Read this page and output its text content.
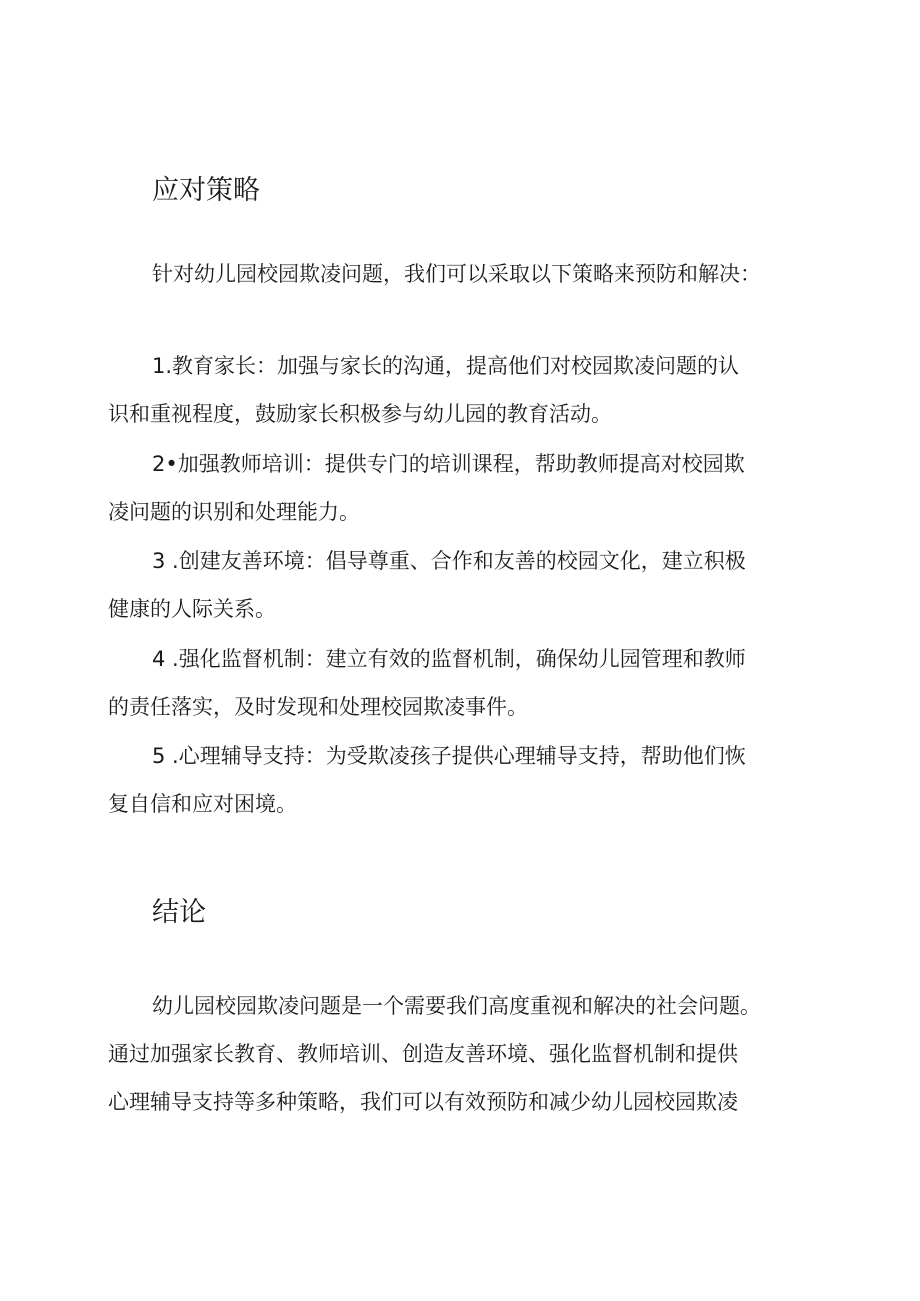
应对策略

针对幼儿园校园欺凌问题，我们可以采取以下策略来预防和解决：

1.教育家长：加强与家长的沟通，提高他们对校园欺凌问题的认
识和重视程度，鼓励家长积极参与幼儿园的教育活动。
2•加强教师培训：提供专门的培训课程，帮助教师提高对校园欺
凌问题的识别和处理能力。
3 .创建友善环境：倡导尊重、合作和友善的校园文化，建立积极
健康的人际关系。
4 .强化监督机制：建立有效的监督机制，确保幼儿园管理和教师
的责任落实，及时发现和处理校园欺凌事件。
5 .心理辅导支持：为受欺凌孩子提供心理辅导支持，帮助他们恢
复自信和应对困境。
结论

幼儿园校园欺凌问题是一个需要我们高度重视和解决的社会问题。
通过加强家长教育、教师培训、创造友善环境、强化监督机制和提供
心理辅导支持等多种策略，我们可以有效预防和减少幼儿园校园欺凌
